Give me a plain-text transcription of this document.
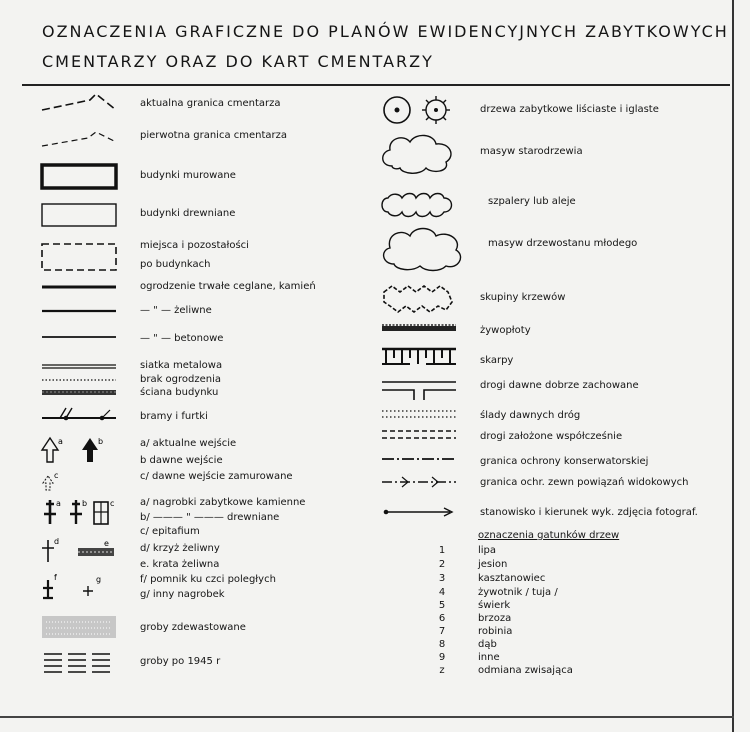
OZNACZENIA GRAFICZNE DO PLANÓW EWIDENCYJNYCH ZABYTKOWYCH
CMENTARZY ORAZ DO KART CMENTARZY
aktualna granica cmentarza
pierwotna granica cmentarza
budynki murowane
budynki drewniane
miejsca i pozostałości
po budynkach
ogrodzenie trwałe ceglane, kamień
— " — żeliwne
— " — betonowe
siatka metalowa
brak ogrodzenia
ściana budynku
bramy i furtki
a	b
c
a/ aktualne wejście
b dawne wejście
c/ dawne wejście zamurowane
a	b	c	a/ nagrobki zabytkowe kamienne
b/ ——— " ——— drewniane
c/ epitafium
d	e
f	g
d/ krzyż żeliwny
e. krata żeliwna
f/ pomnik ku czci poległych
g/ inny nagrobek
groby zdewastowane
groby po 1945 r
drzewa zabytkowe liściaste i iglaste
masyw starodrzewia
szpalery lub aleje
masyw drzewostanu młodego
skupiny krzewów
żywopłoty
skarpy
drogi dawne dobrze zachowane
ślady dawnych dróg
drogi założone współcześnie
granica ochrony konserwatorskiej
granica ochr. zewn powiązań widokowych
stanowisko i kierunek wyk. zdjęcia fotograf.
oznaczenia gatunków drzew
1	lipa
2	jesion
3	kasztanowiec
4	żywotnik / tuja /
5	świerk
6	brzoza
7	robinia
8	dąb
9	inne
z	odmiana zwisająca
